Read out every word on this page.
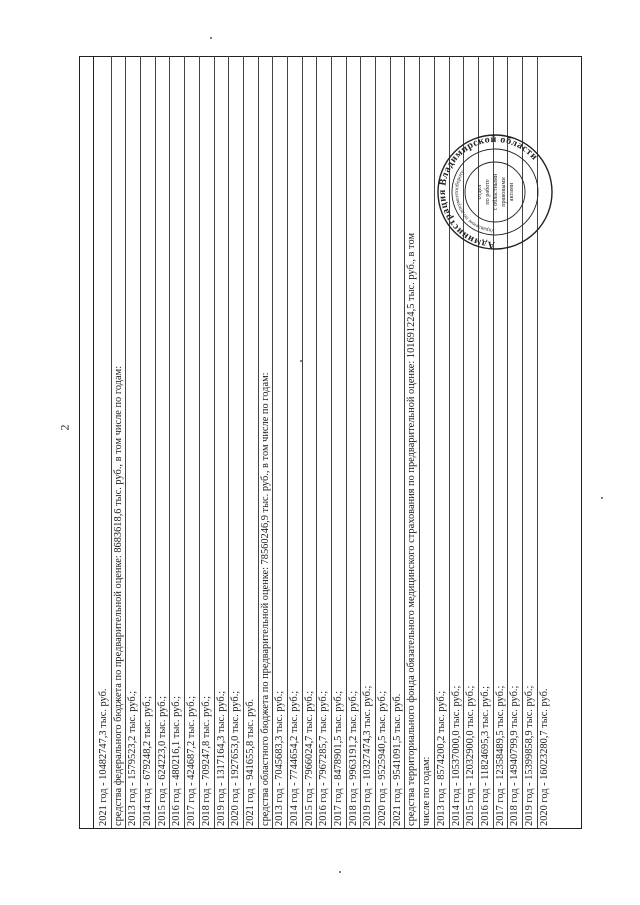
2
2021 год - 10482747,3 тыс. руб. средства федерального бюджета по предварительной оценке: 8683618,6 тыс. руб., в том числе по годам: 2013 год - 1579523,2 тыс. руб.; 2014 год - 679248,2 тыс. руб.; 2015 год - 624223,0 тыс. руб.; 2016 год - 480216,1 тыс. руб.; 2017 год - 424687,2 тыс. руб.; 2018 год - 709247,8 тыс. руб.; 2019 год - 1317164,3 тыс. руб.; 2020 год - 1927653,0 тыс. руб.; 2021 год - 941655,8 тыс. руб. средства областного бюджета по предварительной оценке: 78560246,9 тыс. руб., в том числе по годам: 2013 год - 7045683,3 тыс. руб.; 2014 год - 7744654,2 тыс. руб.; 2015 год - 7966024,7 тыс. руб.; 2016 год - 7967285,7 тыс. руб.; 2017 год - 8478901,5 тыс. руб.; 2018 год - 9963191,2 тыс. руб.; 2019 год - 10327474,3 тыс. руб.; 2020 год - 9525940,5 тыс. руб.; 2021 год - 9541091,5 тыс. руб. средства территориального фонда обязательного медицинского страхования по предварительной оценке: 101691224,5 тыс. руб., в том числе по годам: 2013 год - 8574200,2 тыс. руб.; 2014 год - 10537000,0 тыс. руб.; 2015 год - 12032900,0 тыс. руб.; 2016 год - 11824695,3 тыс. руб.; 2017 год - 12358489,5 тыс. руб.; 2018 год - 14940799,9 тыс. руб.; 2019 год - 15399858,9 тыс. руб.; 2020 год - 16023280,7 тыс. руб.
Администрация Владимирской области
Управление по документообороту
отдел по работе с областными правовыми актами
